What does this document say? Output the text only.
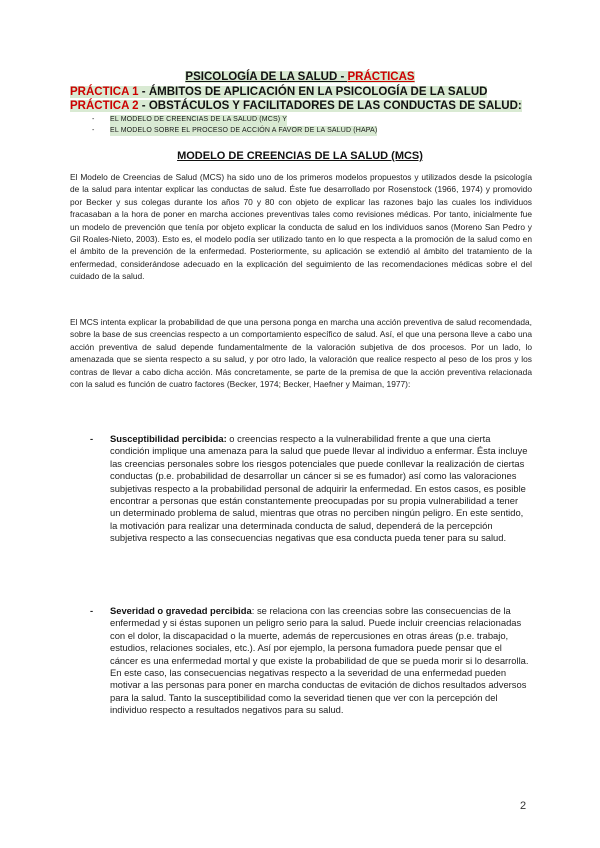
PSICOLOGÍA DE LA SALUD - PRÁCTICAS
PRÁCTICA 1 - ÁMBITOS DE APLICACIÓN EN LA PSICOLOGÍA DE LA SALUD
PRÁCTICA 2 - OBSTÁCULOS Y FACILITADORES DE LAS CONDUCTAS DE SALUD:
-	EL MODELO DE CREENCIAS DE LA SALUD (MCS) Y
-	EL MODELO SOBRE EL PROCESO DE ACCIÓN A FAVOR DE LA SALUD (HAPA)
MODELO DE CREENCIAS DE LA SALUD (MCS)

El Modelo de Creencias de Salud (MCS) ha sido uno de los primeros modelos propuestos y utilizados desde la psicología de la salud para intentar explicar las conductas de salud. Éste fue desarrollado por Rosenstock (1966, 1974) y promovido por Becker y sus colegas durante los años 70 y 80 con objeto de explicar las razones bajo las cuales los individuos fracasaban a la hora de poner en marcha acciones preventivas tales como revisiones médicas. Por tanto, inicialmente fue un modelo de prevención que tenía por objeto explicar la conducta de salud en los individuos sanos (Moreno San Pedro y Gil Roales-Nieto, 2003). Esto es, el modelo podía ser utilizado tanto en lo que respecta a la promoción de la salud como en el ámbito de la prevención de la enfermedad. Posteriormente, su aplicación se extendió al ámbito del tratamiento de la enfermedad, considerándose adecuado en la explicación del seguimiento de las recomendaciones médicas sobre el del cuidado de la salud.

El MCS intenta explicar la probabilidad de que una persona ponga en marcha una acción preventiva de salud recomendada, sobre la base de sus creencias respecto a un comportamiento específico de salud. Así, el que una persona lleve a cabo una acción preventiva de salud depende fundamentalmente de la valoración subjetiva de dos procesos. Por un lado, lo amenazada que se sienta respecto a su salud, y por otro lado, la valoración que realice respecto al peso de los pros y los contras de llevar a cabo dicha acción. Más concretamente, se parte de la premisa de que la acción preventiva relacionada con la salud es función de cuatro factores (Becker, 1974; Becker, Haefner y Maiman, 1977):

-	Susceptibilidad percibida: o creencias respecto a la vulnerabilidad frente a que una cierta condición implique una amenaza para la salud que puede llevar al individuo a enfermar. Ésta incluye las creencias personales sobre los riesgos potenciales que puede conllevar la realización de ciertas conductas (p.e. probabilidad de desarrollar un cáncer si se es fumador) así como las valoraciones subjetivas respecto a la probabilidad personal de adquirir la enfermedad. En estos casos, es posible encontrar a personas que están constantemente preocupadas por su propia vulnerabilidad a tener un determinado problema de salud, mientras que otras no perciben ningún peligro. En este sentido, la motivación para realizar una determinada conducta de salud, dependerá de la percepción subjetiva respecto a las consecuencias negativas que esa conducta pueda tener para su salud.
-	Severidad o gravedad percibida: se relaciona con las creencias sobre las consecuencias de la enfermedad y si éstas suponen un peligro serio para la salud. Puede incluir creencias relacionadas con el dolor, la discapacidad o la muerte, además de repercusiones en otras áreas (p.e. trabajo, estudios, relaciones sociales, etc.). Así por ejemplo, la persona fumadora puede pensar que el cáncer es una enfermedad mortal y que existe la probabilidad de que se pueda morir si lo desarrolla. En este caso, las consecuencias negativas respecto a la severidad de una enfermedad pueden motivar a las personas para poner en marcha conductas de evitación de dichos resultados adversos para la salud. Tanto la susceptibilidad como la severidad tienen que ver con la percepción del individuo respecto a resultados negativos para su salud.
2
